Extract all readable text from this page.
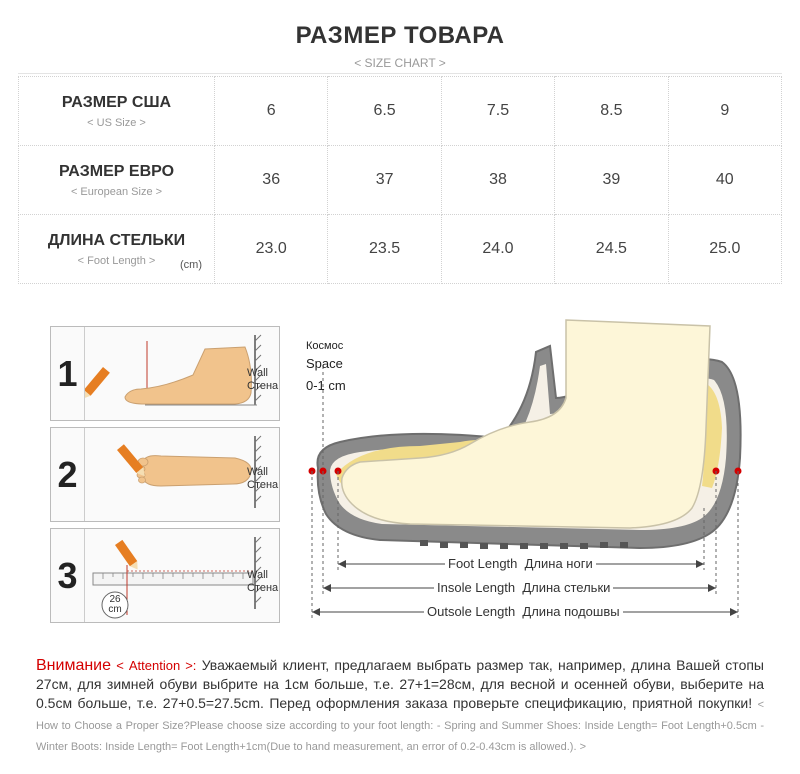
РАЗМЕР ТОВАРА
< SIZE CHART >
РАЗМЕР США
< US Size >	6	6.5	7.5	8.5	9

РАЗМЕР ЕВРО
< European Size >	36	37	38	39	40

ДЛИНА СТЕЛЬКИ
< Foot Length > (cm)	23.0	23.5	24.0	24.5	25.0
1	Wall
Стена
2	Wall
Стена
3	Wall
Стена
26
cm
Космос
Space
0-1 cm
Foot Length Длина ноги
Insole Length Длина стельки
Outsole Length Длина подошвы
Внимание < Attention >: Уважаемый клиент, предлагаем выбрать размер так, например, длина Вашей стопы 27см, для зимней обуви выбрите на 1см больше, т.е. 27+1=28см, для весной и осенней обуви, выберите на 0.5см больше, т.е. 27+0.5=27.5cm. Перед оформления заказа проверьте спецификацию, приятной покупки! < How to Choose a Proper Size?Please choose size according to your foot length: - Spring and Summer Shoes: Inside Length= Foot Length+0.5cm - Winter Boots: Inside Length= Foot Length+1cm(Due to hand measurement, an error of 0.2-0.43cm is allowed.). >
